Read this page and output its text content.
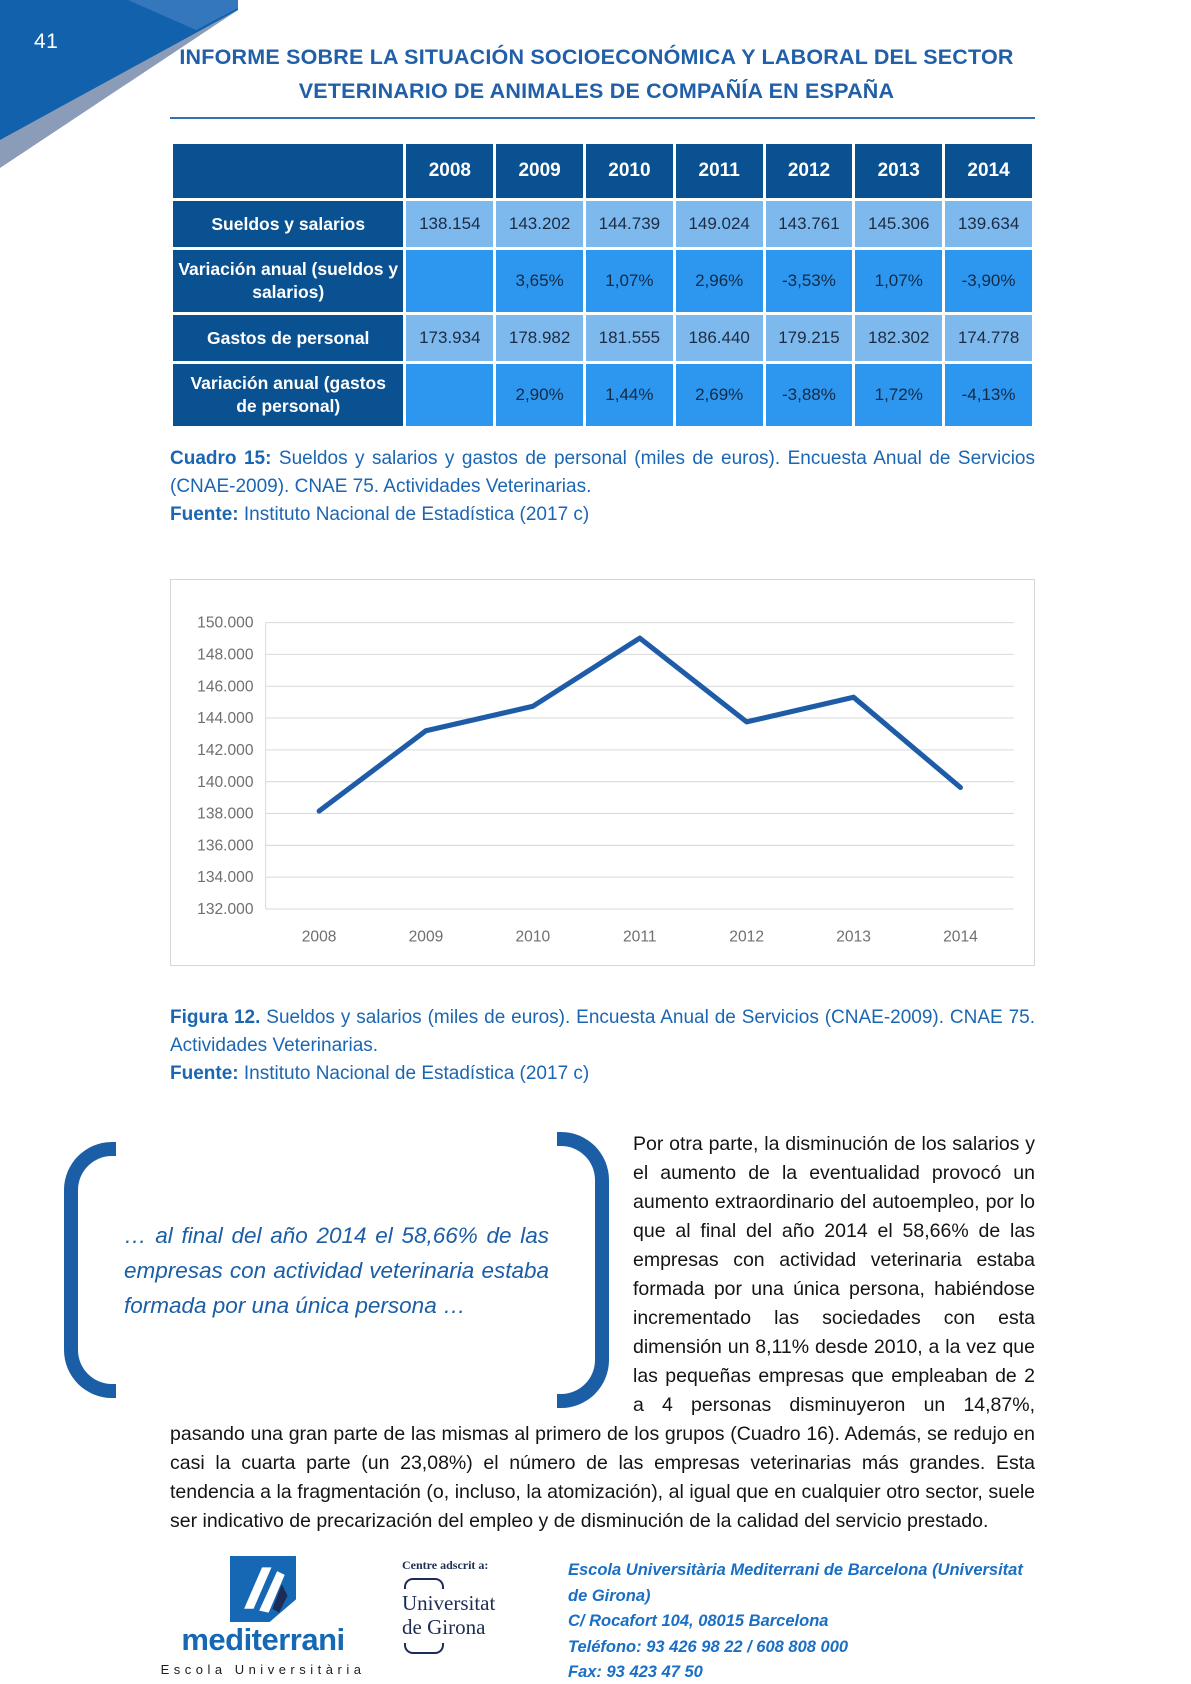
41
INFORME SOBRE LA SITUACIÓN SOCIOECONÓMICA Y LABORAL DEL SECTOR
VETERINARIO DE ANIMALES DE COMPAÑÍA EN ESPAÑA
	2008	2009	2010	2011	2012	2013	2014
Sueldos y salarios	138.154	143.202	144.739	149.024	143.761	145.306	139.634
Variación anual (sueldos y salarios)		3,65%	1,07%	2,96%	-3,53%	1,07%	-3,90%
Gastos de personal	173.934	178.982	181.555	186.440	179.215	182.302	174.778
Variación anual (gastos de personal)		2,90%	1,44%	2,69%	-3,88%	1,72%	-4,13%

Cuadro 15: Sueldos y salarios y gastos de personal (miles de euros). Encuesta Anual de Servicios (CNAE-2009). CNAE 75. Actividades Veterinarias.
Fuente: Instituto Nacional de Estadística (2017 c)

132.000
134.000
136.000
138.000
140.000
142.000
144.000
146.000
148.000
150.000
2008	2009	2010	2011	2012	2013	2014

Figura 12. Sueldos y salarios (miles de euros). Encuesta Anual de Servicios (CNAE-2009). CNAE 75. Actividades Veterinarias.
Fuente: Instituto Nacional de Estadística (2017 c)

… al final del año 2014 el 58,66% de las empresas con actividad veterinaria estaba formada por una única persona …

Por otra parte, la disminución de los salarios y el aumento de la eventualidad provocó un aumento extraordinario del autoempleo, por lo que al final del año 2014 el 58,66% de las empresas con actividad veterinaria estaba formada por una única persona, habiéndose incrementado las sociedades con esta dimensión un 8,11% desde 2010, a la vez que las pequeñas empresas que empleaban de 2 a 4 personas disminuyeron un 14,87%, pasando una gran parte de las mismas al primero de los grupos (Cuadro 16). Además, se redujo en casi la cuarta parte (un 23,08%) el número de las empresas veterinarias más grandes. Esta tendencia a la fragmentación (o, incluso, la atomización), al igual que en cualquier otro sector, suele ser indicativo de precarización del empleo y de disminución de la calidad del servicio prestado.

mediterrani
Escola Universitària
Centre adscrit a:
Universitat
de Girona
Escola Universitària Mediterrani de Barcelona (Universitat de Girona)
C/ Rocafort 104, 08015 Barcelona
Teléfono: 93 426 98 22 / 608 808 000
Fax: 93 423 47 50
